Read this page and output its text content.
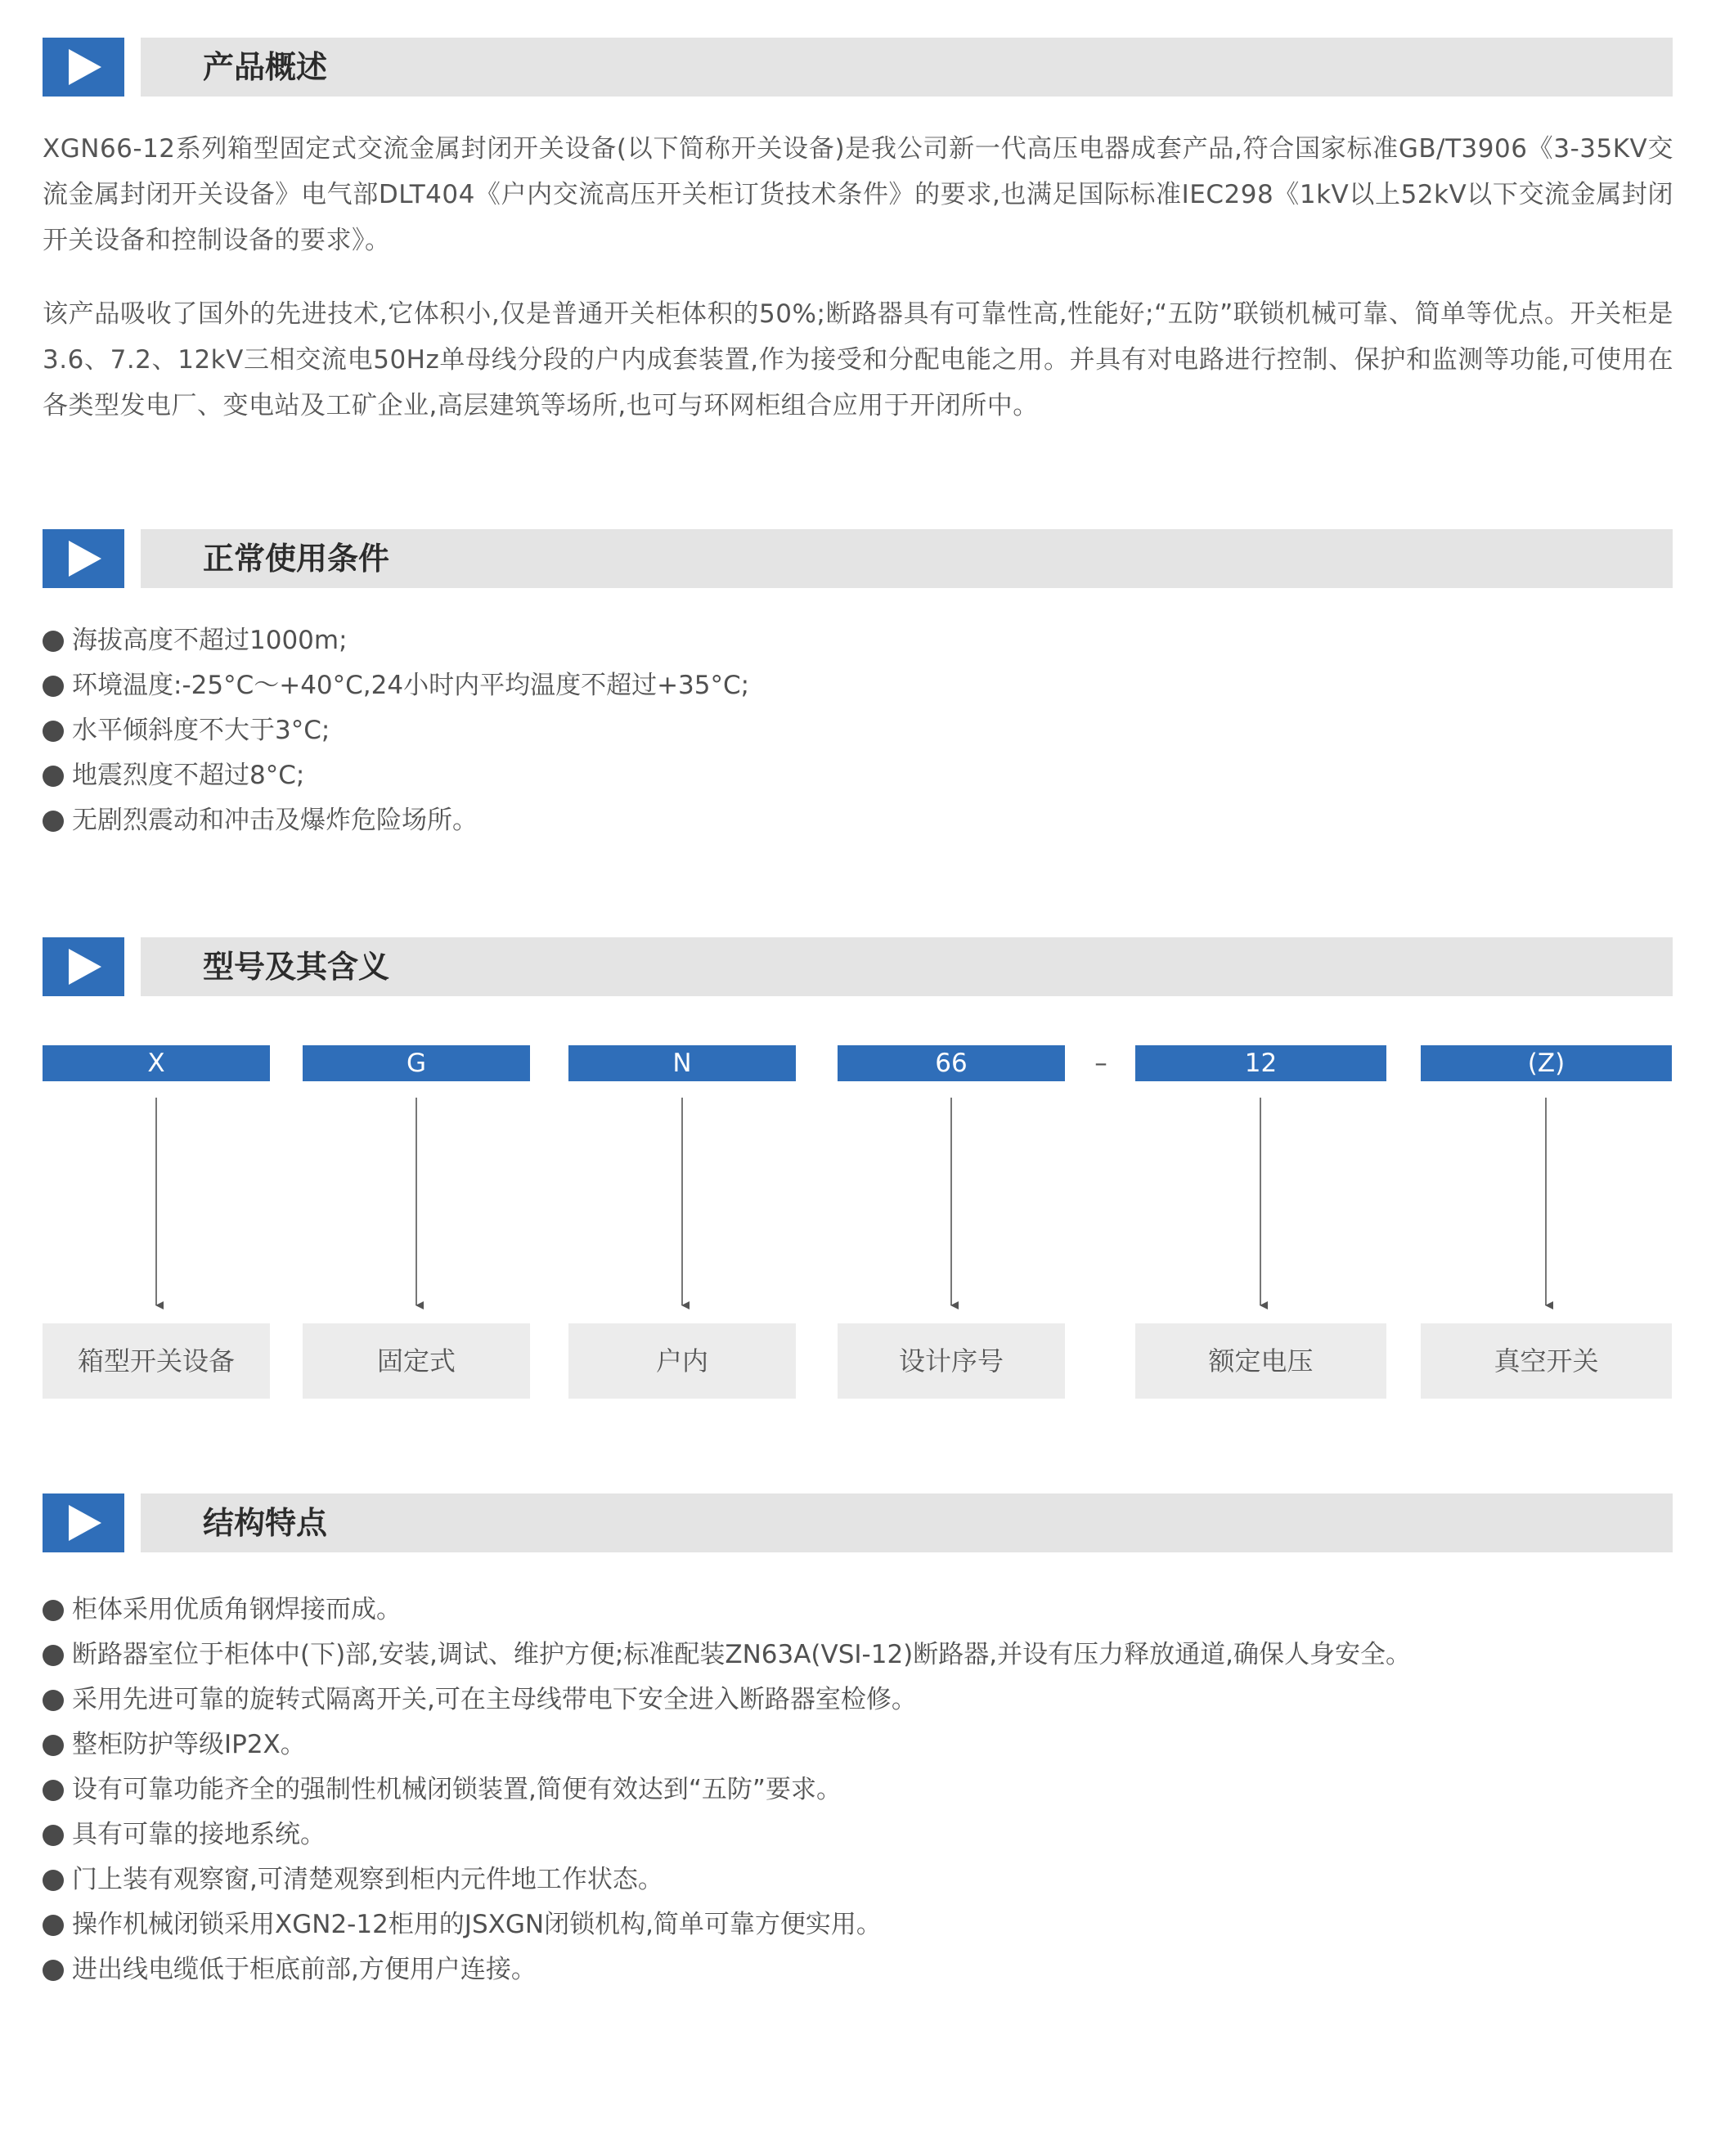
产品概述

XGN66-12系列箱型固定式交流金属封闭开关设备(以下简称开关设备)是我公司新一代高压电器成套产品,符合国家标准GB/T3906《3-35KV交流金属封闭开关设备》电气部DLT404《户内交流高压开关柜订货技术条件》的要求,也满足国际标准IEC298《1kV以上52kV以下交流金属封闭开关设备和控制设备的要求》。

该产品吸收了国外的先进技术,它体积小,仅是普通开关柜体积的50%;断路器具有可靠性高,性能好;“五防”联锁机械可靠、简单等优点。开关柜是3.6、7.2、12kV三相交流电50Hz单母线分段的户内成套装置,作为接受和分配电能之用。并具有对电路进行控制、保护和监测等功能,可使用在各类型发电厂、变电站及工矿企业,高层建筑等场所,也可与环网柜组合应用于开闭所中。

正常使用条件
海拔高度不超过1000m;
环境温度:-25°C～+40°C,24小时内平均温度不超过+35°C;
水平倾斜度不大于3°C;
地震烈度不超过8°C;
无剧烈震动和冲击及爆炸危险场所。
型号及其含义
X	G	N	66	–	12	(Z)
箱型开关设备	固定式	户内	设计序号	额定电压	真空开关
结构特点
柜体采用优质角钢焊接而成。
断路器室位于柜体中(下)部,安装,调试、维护方便;标准配装ZN63A(VSI-12)断路器,并设有压力释放通道,确保人身安全。
采用先进可靠的旋转式隔离开关,可在主母线带电下安全进入断路器室检修。
整柜防护等级IP2X。
设有可靠功能齐全的强制性机械闭锁装置,简便有效达到“五防”要求。
具有可靠的接地系统。
门上装有观察窗,可清楚观察到柜内元件地工作状态。
操作机械闭锁采用XGN2-12柜用的JSXGN闭锁机构,简单可靠方便实用。
进出线电缆低于柜底前部,方便用户连接。
